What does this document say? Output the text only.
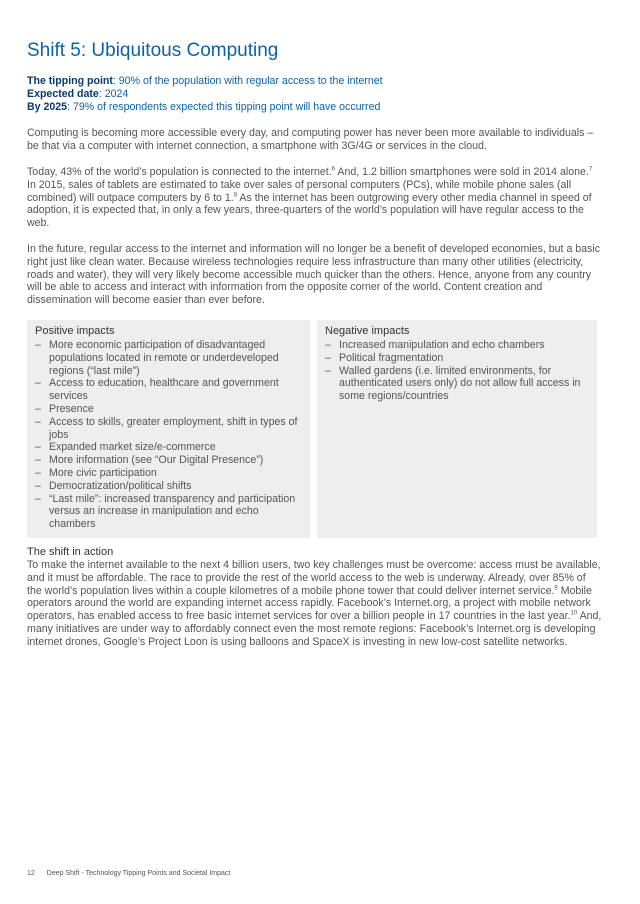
Shift 5: Ubiquitous Computing
The tipping point: 90% of the population with regular access to the internet
Expected date: 2024
By 2025: 79% of respondents expected this tipping point will have occurred

Computing is becoming more accessible every day, and computing power has never been more available to individuals – be that via a computer with internet connection, a smartphone with 3G/4G or services in the cloud.

Today, 43% of the world’s population is connected to the internet.$^6$ And, 1.2 billion smartphones were sold in 2014 alone.$^7$ In 2015, sales of tablets are estimated to take over sales of personal computers (PCs), while mobile phone sales (all combined) will outpace computers by 6 to 1.$^8$ As the internet has been outgrowing every other media channel in speed of adoption, it is expected that, in only a few years, three-quarters of the world’s population will have regular access to the web.

In the future, regular access to the internet and information will no longer be a benefit of developed economies, but a basic right just like clean water. Because wireless technologies require less infrastructure than many other utilities (electricity, roads and water), they will very likely become accessible much quicker than the others. Hence, anyone from any country will be able to access and interact with information from the opposite corner of the world. Content creation and dissemination will become easier than ever before.

Positive impacts
– More economic participation of disadvantaged populations located in remote or underdeveloped regions (“last mile”)
– Access to education, healthcare and government services
– Presence
– Access to skills, greater employment, shift in types of jobs
– Expanded market size/e-commerce
– More information (see “Our Digital Presence”)
– More civic participation
– Democratization/political shifts
– “Last mile”: increased transparency and participation versus an increase in manipulation and echo chambers
Negative impacts
– Increased manipulation and echo chambers
– Political fragmentation
– Walled gardens (i.e. limited environments, for authenticated users only) do not allow full access in some regions/countries
The shift in action

To make the internet available to the next 4 billion users, two key challenges must be overcome: access must be available, and it must be affordable. The race to provide the rest of the world access to the web is underway. Already, over 85% of the world’s population lives within a couple kilometres of a mobile phone tower that could deliver internet service.$^9$ Mobile operators around the world are expanding internet access rapidly. Facebook’s Internet.org, a project with mobile network operators, has enabled access to free basic internet services for over a billion people in 17 countries in the last year.$^{10}$ And, many initiatives are under way to affordably connect even the most remote regions: Facebook’s Internet.org is developing internet drones, Google’s Project Loon is using balloons and SpaceX is investing in new low-cost satellite networks.

12 Deep Shift - Technology Tipping Points and Societal Impact
